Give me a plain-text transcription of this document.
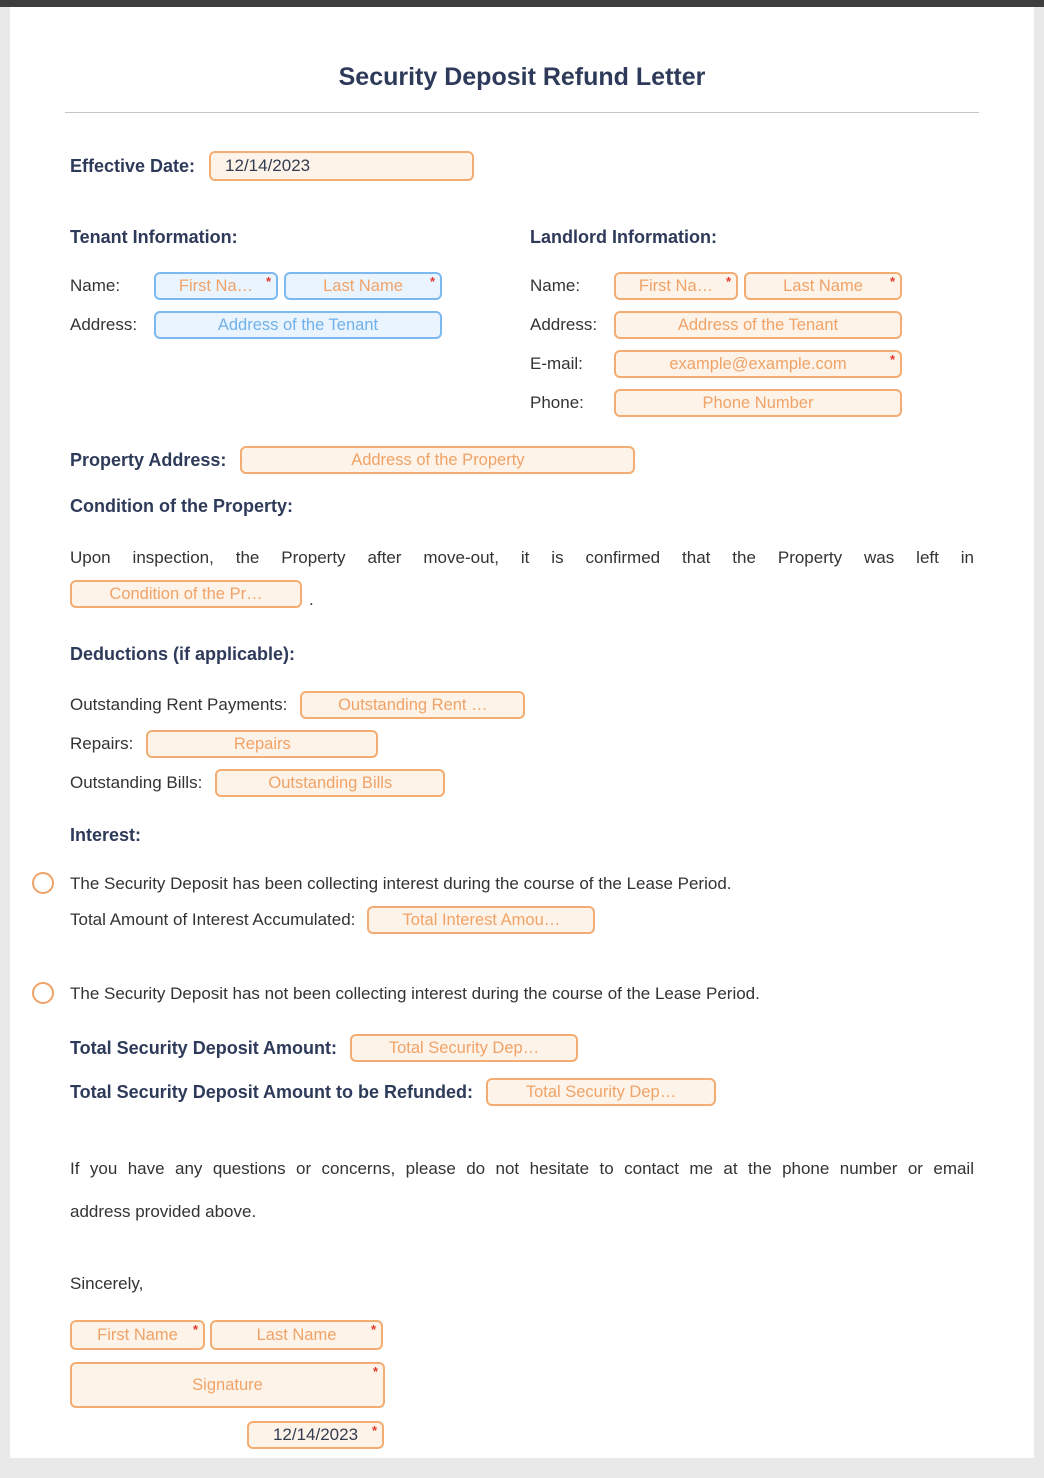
Security Deposit Refund Letter
Effective Date:	12/14/2023
Tenant Information:
Name:	First Na… *	Last Name	*
Address:	Address of the Tenant
Landlord Information:
Name:	First Na… *	Last Name	*
Address:	Address of the Tenant
E-mail:	example@example.com	*
Phone:	Phone Number
Property Address:	Address of the Property
Condition of the Property:
Upon inspection, the Property after move-out, it is confirmed that the Property was left in
Condition of the Pr…	.
Deductions (if applicable):
Outstanding Rent Payments:	Outstanding Rent …
Repairs:	Repairs
Outstanding Bills:	Outstanding Bills
Interest:
The Security Deposit has been collecting interest during the course of the Lease Period.
Total Amount of Interest Accumulated:	Total Interest Amou…
The Security Deposit has not been collecting interest during the course of the Lease Period.
Total Security Deposit Amount:	Total Security Dep…
Total Security Deposit Amount to be Refunded:	Total Security Dep…
If you have any questions or concerns, please do not hesitate to contact me at the phone number or email
address provided above.
Sincerely,
First Name	*	Last Name	*
Signature
*
12/14/2023 *
